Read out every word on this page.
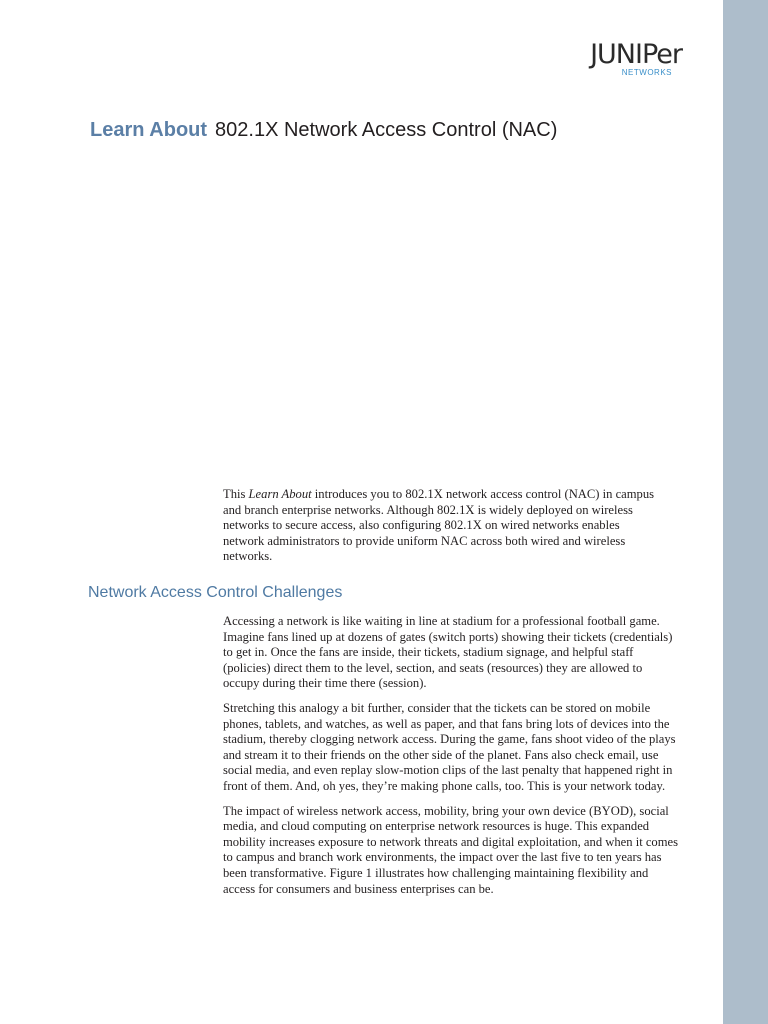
JUNIPer
NETWORKS
Learn About 802.1X Network Access Control (NAC)

This Learn About introduces you to 802.1X network access control (NAC) in campus and branch enterprise networks. Although 802.1X is widely deployed on wireless networks to secure access, also configuring 802.1X on wired networks enables network administrators to provide uniform NAC across both wired and wireless networks.

Network Access Control Challenges

Accessing a network is like waiting in line at stadium for a professional football game. Imagine fans lined up at dozens of gates (switch ports) showing their tickets (credentials) to get in. Once the fans are inside, their tickets, stadium signage, and helpful staff (policies) direct them to the level, section, and seats (resources) they are allowed to occupy during their time there (session).

Stretching this analogy a bit further, consider that the tickets can be stored on mobile phones, tablets, and watches, as well as paper, and that fans bring lots of devices into the stadium, thereby clogging network access. During the game, fans shoot video of the plays and stream it to their friends on the other side of the planet. Fans also check email, use social media, and even replay slow-motion clips of the last penalty that happened right in front of them. And, oh yes, they’re making phone calls, too. This is your network today.

The impact of wireless network access, mobility, bring your own device (BYOD), social media, and cloud computing on enterprise network resources is huge. This expanded mobility increases exposure to network threats and digital exploitation, and when it comes to campus and branch work environments, the impact over the last five to ten years has been transformative. Figure 1 illustrates how challenging maintaining flexibility and access for consumers and business enterprises can be.
